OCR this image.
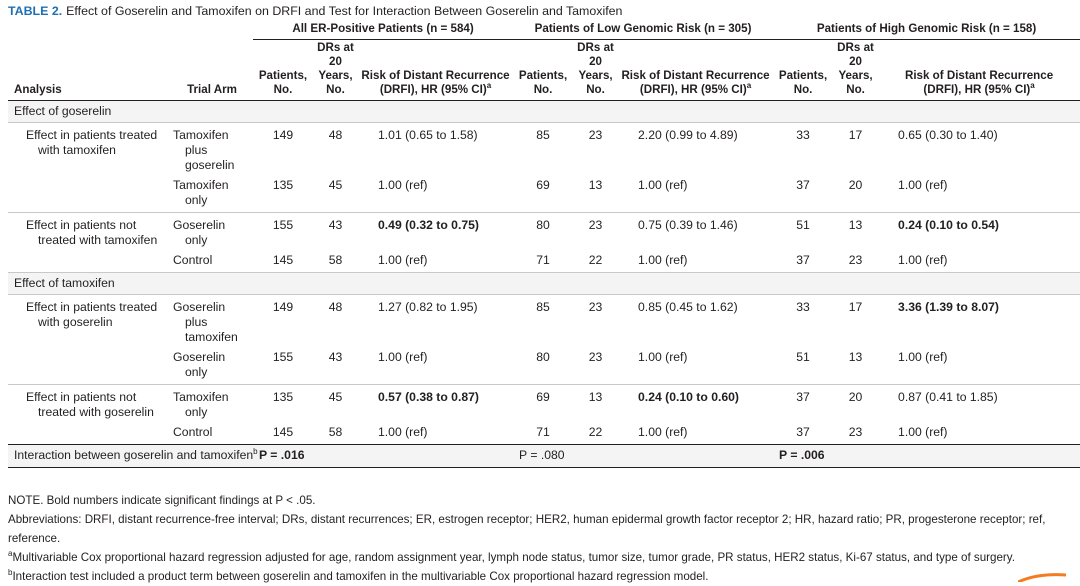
TABLE 2. Effect of Goserelin and Tamoxifen on DRFI and Test for Interaction Between Goserelin and Tamoxifen
		All ER-Positive Patients (n = 584)			Patients of Low Genomic Risk (n = 305)			Patients of High Genomic Risk (n = 158)		
Analysis	Trial Arm	Patients,
No.	DRs at 20
Years,
No.	Risk of Distant Recurrence
(DRFI), HR (95% CI)$^a$	Patients,
No.	DRs at 20
Years,
No.	Risk of Distant Recurrence
(DRFI), HR (95% CI)$^a$	Patients,
No.	DRs at 20
Years,
No.	Risk of Distant Recurrence
(DRFI), HR (95% CI)$^a$
Effect of goserelin										
Effect in patients treated
with tamoxifen	Tamoxifen
plus
goserelin	149	48	1.01 (0.65 to 1.58)	85	23	2.20 (0.99 to 4.89)	33	17	0.65 (0.30 to 1.40)
	Tamoxifen
only	135	45	1.00 (ref)	69	13	1.00 (ref)	37	20	1.00 (ref)
Effect in patients not
treated with tamoxifen	Goserelin
only	155	43	0.49 (0.32 to 0.75)	80	23	0.75 (0.39 to 1.46)	51	13	0.24 (0.10 to 0.54)
	Control	145	58	1.00 (ref)	71	22	1.00 (ref)	37	23	1.00 (ref)
Effect of tamoxifen										
Effect in patients treated
with goserelin	Goserelin
plus
tamoxifen	149	48	1.27 (0.82 to 1.95)	85	23	0.85 (0.45 to 1.62)	33	17	3.36 (1.39 to 8.07)
	Goserelin
only	155	43	1.00 (ref)	80	23	1.00 (ref)	51	13	1.00 (ref)
Effect in patients not
treated with goserelin	Tamoxifen
only	135	45	0.57 (0.38 to 0.87)	69	13	0.24 (0.10 to 0.60)	37	20	0.87 (0.41 to 1.85)
	Control	145	58	1.00 (ref)	71	22	1.00 (ref)	37	23	1.00 (ref)
Interaction between goserelin and tamoxifen$^b$		P = .016			P = .080			P = .006		
NOTE. Bold numbers indicate significant findings at P < .05.
Abbreviations: DRFI, distant recurrence-free interval; DRs, distant recurrences; ER, estrogen receptor; HER2, human epidermal growth factor receptor 2; HR, hazard ratio; PR, progesterone receptor; ref, reference.
$^a$Multivariable Cox proportional hazard regression adjusted for age, random assignment year, lymph node status, tumor size, tumor grade, PR status, HER2 status, Ki-67 status, and type of surgery.
$^b$Interaction test included a product term between goserelin and tamoxifen in the multivariable Cox proportional hazard regression model.
